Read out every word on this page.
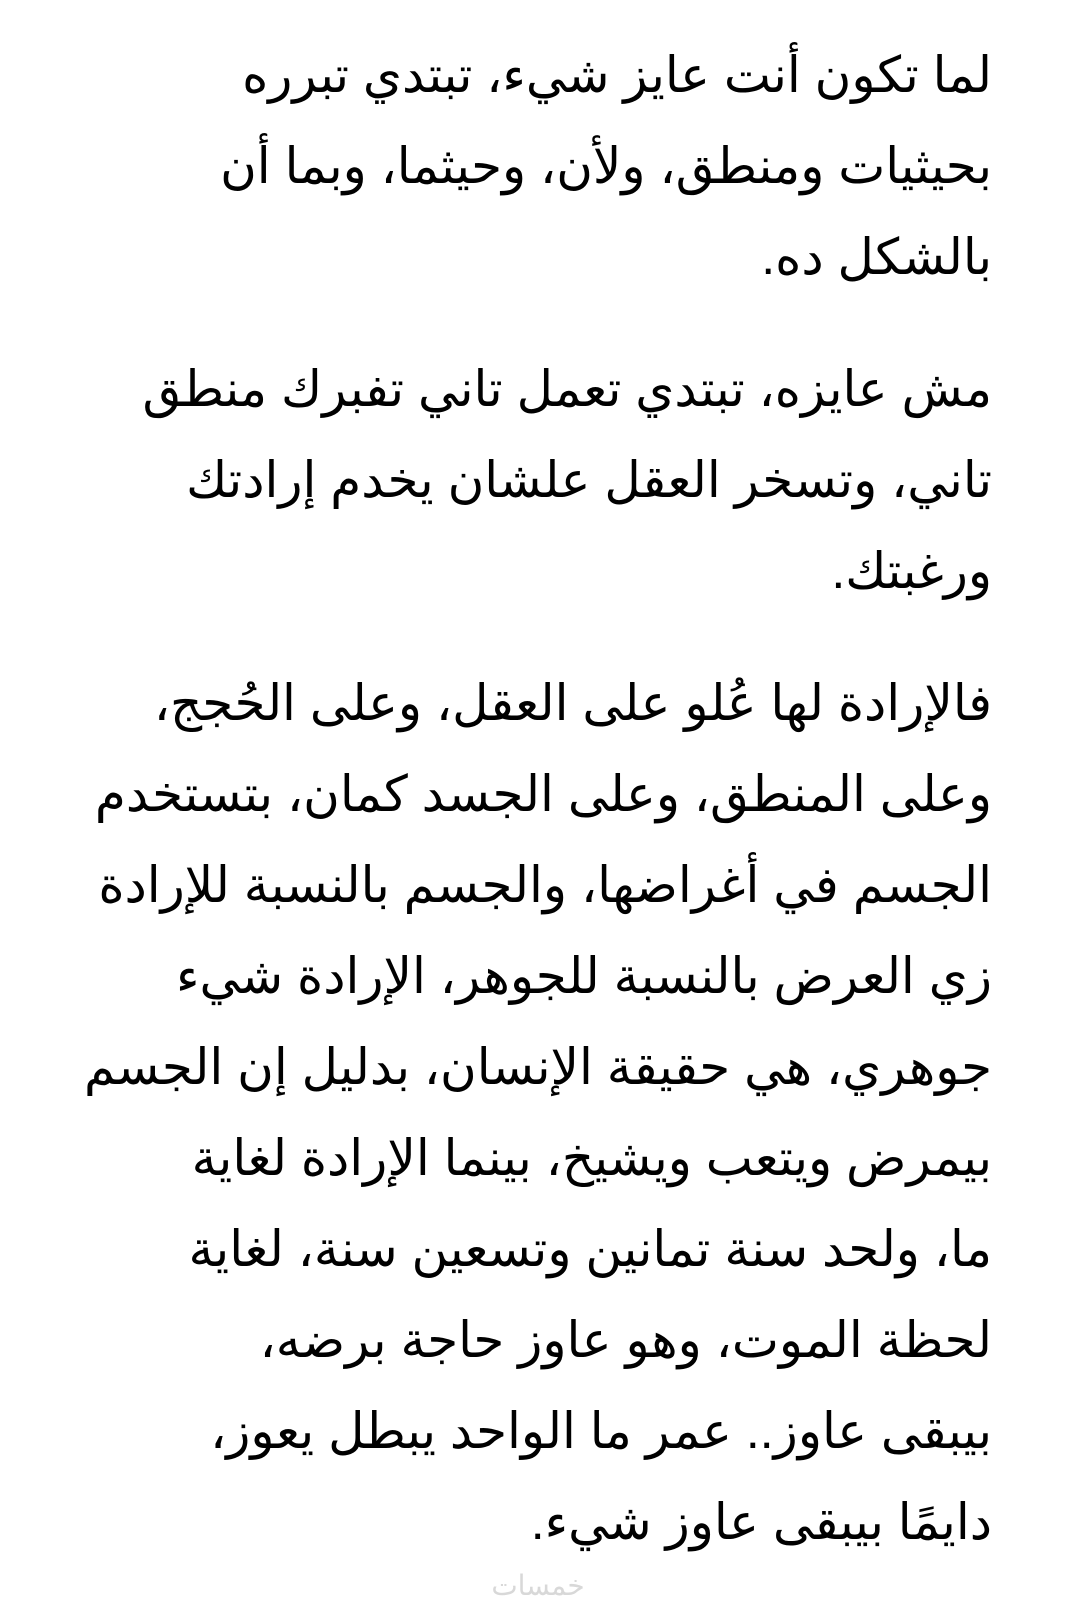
لما تكون أنت عايز شيء، تبتدي تبرره
بحيثيات ومنطق، ولأن، وحيثما، وبما أن
بالشكل ده.
مش عايزه، تبتدي تعمل تاني تفبرك منطق
تاني، وتسخر العقل علشان يخدم إرادتك
ورغبتك.
فالإرادة لها عُلو على العقل، وعلى الحُجج،
وعلى المنطق، وعلى الجسد كمان، بتستخدم
الجسم في أغراضها، والجسم بالنسبة للإرادة
زي العرض بالنسبة للجوهر، الإرادة شيء
جوهري، هي حقيقة الإنسان، بدليل إن الجسم
بيمرض ويتعب ويشيخ، بينما الإرادة لغاية
ما، ولحد سنة تمانين وتسعين سنة، لغاية
لحظة الموت، وهو عاوز حاجة برضه،
بيبقى عاوز.. عمر ما الواحد يبطل يعوز،
دايمًا بيبقى عاوز شيء.
خمسات
